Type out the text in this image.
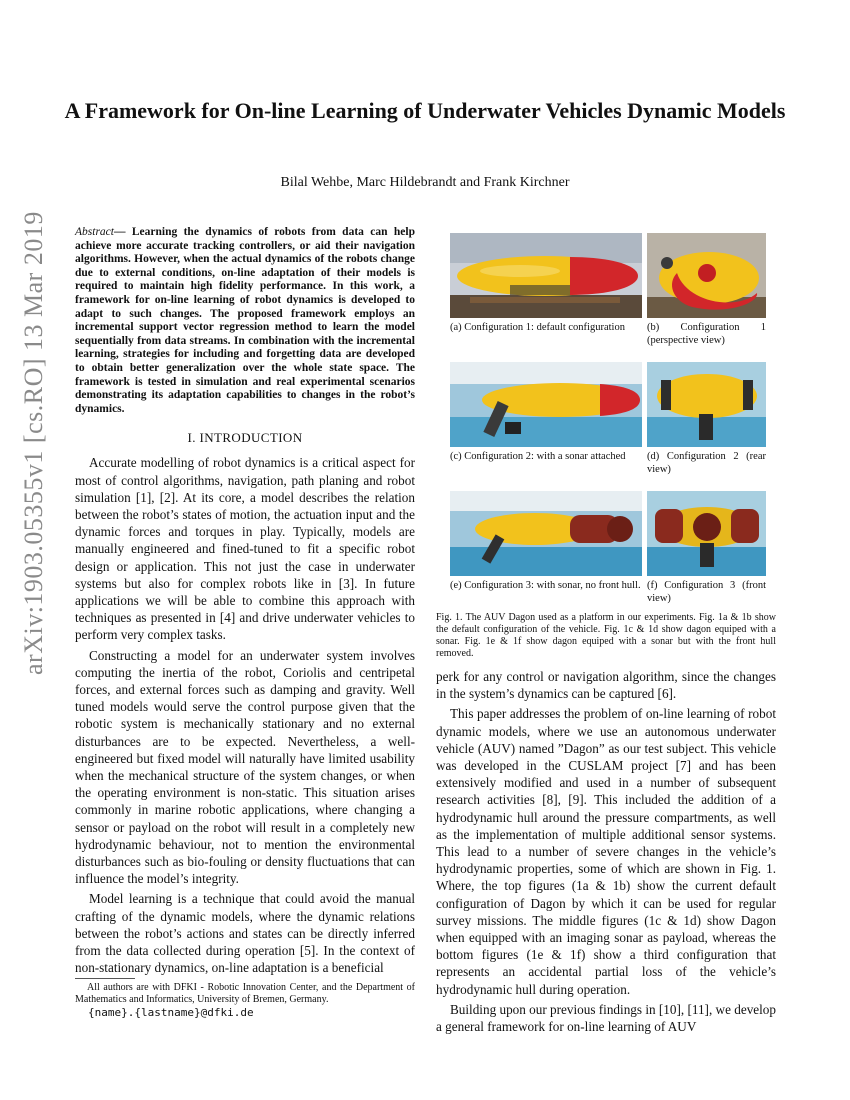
arXiv:1903.05355v1 [cs.RO] 13 Mar 2019
A Framework for On-line Learning of Underwater Vehicles Dynamic Models
Bilal Wehbe, Marc Hildebrandt and Frank Kirchner

Abstract— Learning the dynamics of robots from data can help achieve more accurate tracking controllers, or aid their navigation algorithms. However, when the actual dynamics of the robots change due to external conditions, on-line adaptation of their models is required to maintain high fidelity performance. In this work, a framework for on-line learning of robot dynamics is developed to adapt to such changes. The proposed framework employs an incremental support vector regression method to learn the model sequentially from data streams. In combination with the incremental learning, strategies for including and forgetting data are developed to obtain better generalization over the whole state space. The framework is tested in simulation and real experimental scenarios demonstrating its adaptation capabilities to changes in the robot’s dynamics.

I. INTRODUCTION

Accurate modelling of robot dynamics is a critical aspect for most of control algorithms, navigation, path planing and robot simulation [1], [2]. At its core, a model describes the relation between the robot’s states of motion, the actuation input and the dynamic forces and torques in play. Typically, models are manually engineered and fined-tuned to fit a specific robot design or application. This not just the case in underwater systems but also for complex robots like in [3]. In future applications we will be able to combine this approach with techniques as presented in [4] and drive underwater vehicles to perform very complex tasks.

Constructing a model for an underwater system involves computing the inertia of the robot, Coriolis and centripetal forces, and external forces such as damping and gravity. Well tuned models would serve the control purpose given that the robotic system is mechanically stationary and no external disturbances are to be expected. Nevertheless, a well-engineered but fixed model will naturally have limited usability when the mechanical structure of the system changes, or when the operating environment is non-static. This situation arises commonly in marine robotic applications, where changing a sensor or payload on the robot will result in a completely new hydrodynamic behaviour, not to mention the environmental disturbances such as bio-fouling or density fluctuations that can influence the model’s integrity.

Model learning is a technique that could avoid the manual crafting of the dynamic models, where the dynamic relations between the robot’s actions and states can be directly inferred from the data collected during operation [5]. In the context of non-stationary dynamics, on-line adaptation is a beneficial

All authors are with DFKI - Robotic Innovation Center, and the Department of Mathematics and Informatics, University of Bremen, Germany.
{name}.{lastname}@dfki.de
(a) Configuration 1: default configuration	(b) Configuration 1 (perspective view)
(c) Configuration 2: with a sonar attached	(d) Configuration 2 (rear view)
(e) Configuration 3: with sonar, no front hull. (f) Configuration 3 (front view)
Fig. 1. The AUV Dagon used as a platform in our experiments. Fig. 1a & 1b show the default configuration of the vehicle. Fig. 1c & 1d show dagon equiped with a sonar. Fig. 1e & 1f show dagon equiped with a sonar but with the front hull removed.

perk for any control or navigation algorithm, since the changes in the system’s dynamics can be captured [6].

This paper addresses the problem of on-line learning of robot dynamic models, where we use an autonomous underwater vehicle (AUV) named ”Dagon” as our test subject. This vehicle was developed in the CUSLAM project [7] and has been extensively modified and used in a number of subsequent research activities [8], [9]. This included the addition of a hydrodynamic hull around the pressure compartments, as well as the implementation of multiple additional sensor systems. This lead to a number of severe changes in the vehicle’s hydrodynamic properties, some of which are shown in Fig. 1. Where, the top figures (1a & 1b) show the current default configuration of Dagon by which it can be used for regular survey missions. The middle figures (1c & 1d) show Dagon when equipped with an imaging sonar as payload, whereas the bottom figures (1e & 1f) show a third configuration that represents an accidental partial loss of the vehicle’s hydrodynamic hull during operation.

Building upon our previous findings in [10], [11], we develop a general framework for on-line learning of AUV
